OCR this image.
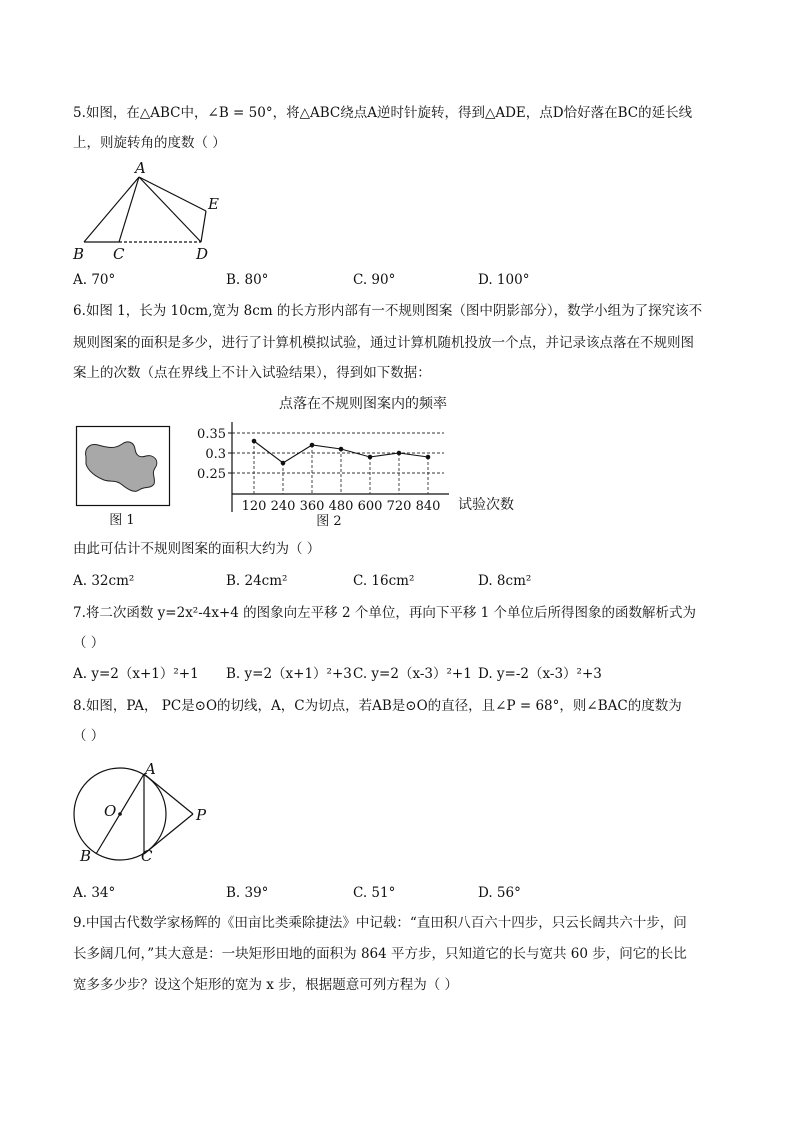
5.如图，在△ABC中，∠B = 50°，将△ABC绕点A逆时针旋转，得到△ADE，点D恰好落在BC的延长线
上，则旋转角的度数（ ）
A
B C	D
E
A. 70°	B. 80°	C. 90°	D. 100°
6.如图 1，长为 10cm,宽为 8cm 的长方形内部有一不规则图案（图中阴影部分），数学小组为了探究该不
规则图案的面积是多少，进行了计算机模拟试验，通过计算机随机投放一个点，并记录该点落在不规则图
案上的次数（点在界线上不计入试验结果），得到如下数据：
图 1
点落在不规则图案内的频率
0.35
0.3
0.25
120 240 360 480 600 720 840 试验次数
图 2
由此可估计不规则图案的面积大约为（ ）
A. 32cm²	B. 24cm²	C. 16cm²	D. 8cm²
7.将二次函数 y=2x²-4x+4 的图象向左平移 2 个单位，再向下平移 1 个单位后所得图象的函数解析式为
（ ）
A. y=2（x+1）²+1 B. y=2（x+1）²+3 C. y=2（x-3）²+1 D. y=-2（x-3）²+3
8.如图，PA， PC是⊙O的切线，A，C为切点，若AB是⊙O的直径，且∠P = 68°，则∠BAC的度数为
（ ）
A
B	C
O	P
A. 34°	B. 39°	C. 51°	D. 56°
9.中国古代数学家杨辉的《田亩比类乘除捷法》中记载：“直田积八百六十四步，只云长阔共六十步，问
长多阔几何，”其大意是：一块矩形田地的面积为 864 平方步，只知道它的长与宽共 60 步，问它的长比
宽多多少步？设这个矩形的宽为 x 步，根据题意可列方程为（ ）
